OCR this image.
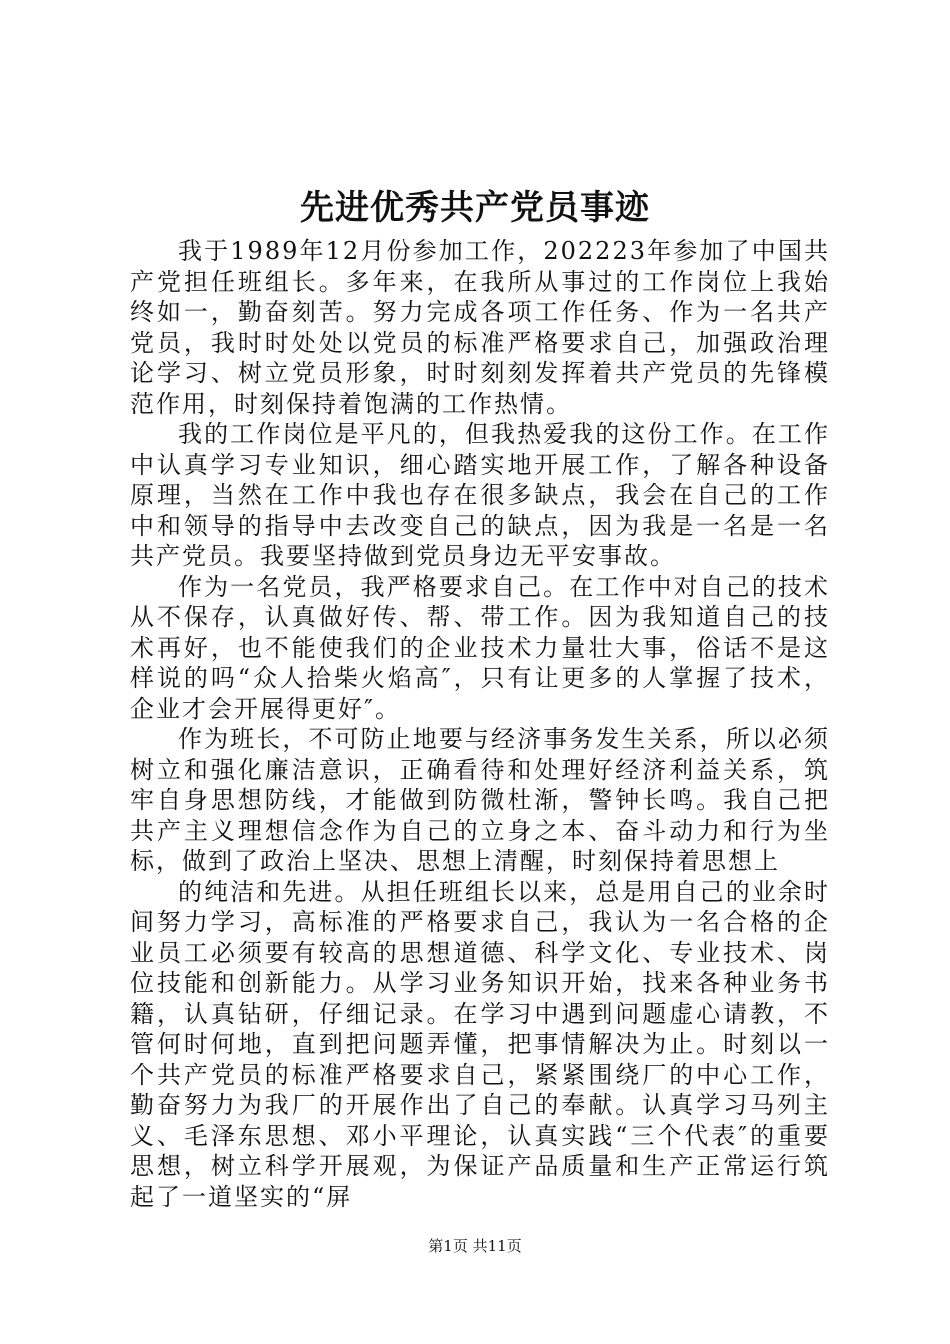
先进优秀共产党员事迹

我于1989年12月份参加工作，202223年参加了中国共产党担任班组长。多年来，在我所从事过的工作岗位上我始终如一，勤奋刻苦。努力完成各项工作任务、作为一名共产党员，我时时处处以党员的标准严格要求自己，加强政治理论学习、树立党员形象，时时刻刻发挥着共产党员的先锋模范作用，时刻保持着饱满的工作热情。

我的工作岗位是平凡的，但我热爱我的这份工作。在工作中认真学习专业知识，细心踏实地开展工作，了解各种设备原理，当然在工作中我也存在很多缺点，我会在自己的工作中和领导的指导中去改变自己的缺点，因为我是一名是一名共产党员。我要坚持做到党员身边无平安事故。

作为一名党员，我严格要求自己。在工作中对自己的技术从不保存，认真做好传、帮、带工作。因为我知道自己的技术再好，也不能使我们的企业技术力量壮大事，俗话不是这样说的吗“众人拾柴火焰高″，只有让更多的人掌握了技术，企业才会开展得更好″。

作为班长，不可防止地要与经济事务发生关系，所以必须树立和强化廉洁意识，正确看待和处理好经济利益关系，筑牢自身思想防线，才能做到防微杜渐，警钟长鸣。我自己把共产主义理想信念作为自己的立身之本、奋斗动力和行为坐标，做到了政治上坚决、思想上清醒，时刻保持着思想上

的纯洁和先进。从担任班组长以来，总是用自己的业余时间努力学习，高标准的严格要求自己，我认为一名合格的企业员工必须要有较高的思想道德、科学文化、专业技术、岗位技能和创新能力。从学习业务知识开始，找来各种业务书籍，认真钻研，仔细记录。在学习中遇到问题虚心请教，不管何时何地，直到把问题弄懂，把事情解决为止。时刻以一个共产党员的标准严格要求自己，紧紧围绕厂的中心工作，勤奋努力为我厂的开展作出了自己的奉献。认真学习马列主义、毛泽东思想、邓小平理论，认真实践“三个代表″的重要思想，树立科学开展观，为保证产品质量和生产正常运行筑起了一道坚实的“屏

第1页 共11页
